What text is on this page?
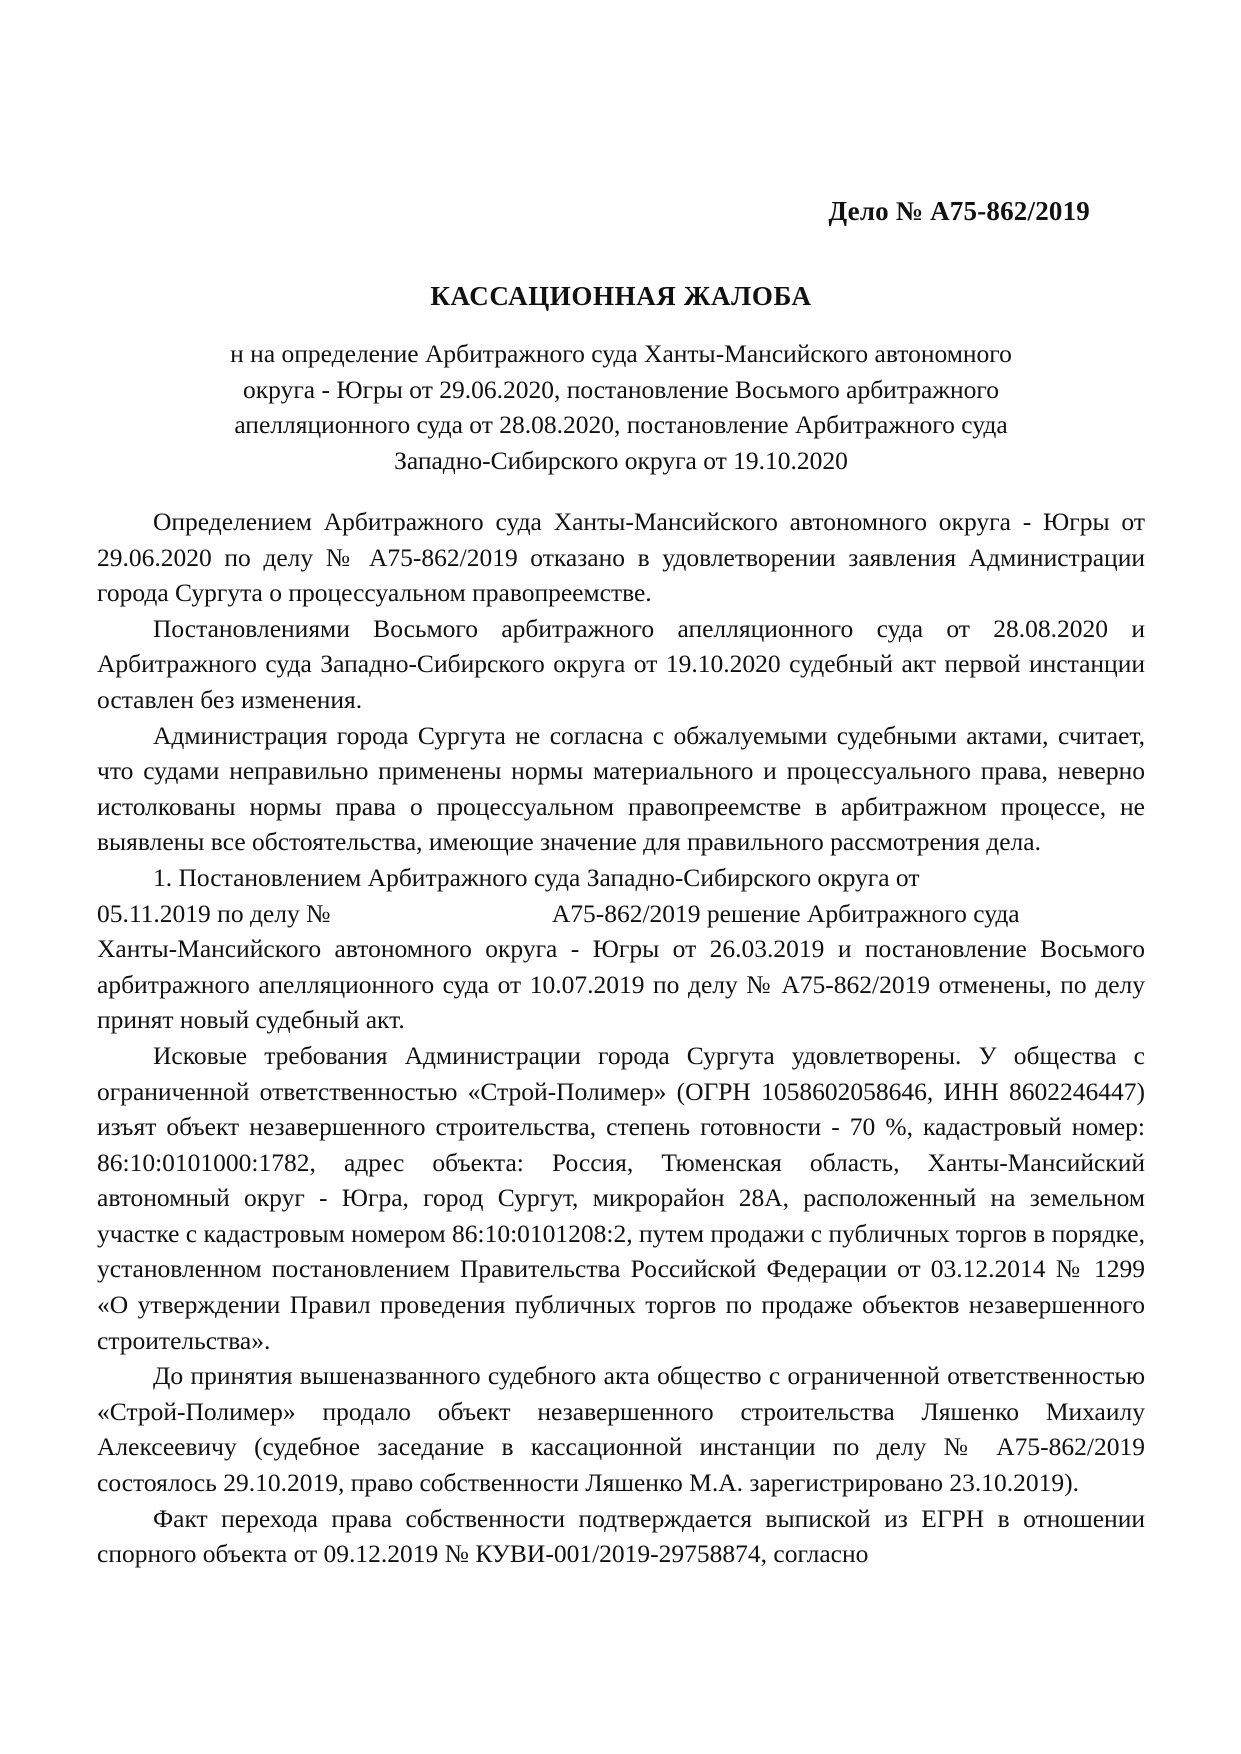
Дело № А75-862/2019
КАССАЦИОННАЯ ЖАЛОБА
н на определение Арбитражного суда Ханты-Мансийского автономного
округа - Югры от 29.06.2020, постановление Восьмого арбитражного
апелляционного суда от 28.08.2020, постановление Арбитражного суда
Западно-Сибирского округа от 19.10.2020

Определением Арбитражного суда Ханты-Мансийского автономного округа - Югры от 29.06.2020 по делу № А75-862/2019 отказано в удовлетворении заявления Администрации города Сургута о процессуальном правопреемстве.

Постановлениями Восьмого арбитражного апелляционного суда от 28.08.2020 и Арбитражного суда Западно-Сибирского округа от 19.10.2020 судебный акт первой инстанции оставлен без изменения.

Администрация города Сургута не согласна с обжалуемыми судебными актами, считает, что судами неправильно применены нормы материального и процессуального права, неверно истолкованы нормы права о процессуальном правопреемстве в арбитражном процессе, не выявлены все обстоятельства, имеющие значение для правильного рассмотрения дела.

1. Постановлением Арбитражного суда Западно-Сибирского округа от

05.11.2019 по делу №	А75-862/2019 решение Арбитражного суда

Ханты-Мансийского автономного округа - Югры от 26.03.2019 и постановление Восьмого арбитражного апелляционного суда от 10.07.2019 по делу № А75-862/2019 отменены, по делу принят новый судебный акт.

Исковые требования Администрации города Сургута удовлетворены. У общества с ограниченной ответственностью «Строй-Полимер» (ОГРН 1058602058646, ИНН 8602246447) изъят объект незавершенного строительства, степень готовности - 70 %, кадастровый номер: 86:10:0101000:1782, адрес объекта: Россия, Тюменская область, Ханты-Мансийский автономный округ - Югра, город Сургут, микрорайон 28А, расположенный на земельном участке с кадастровым номером 86:10:0101208:2, путем продажи с публичных торгов в порядке, установленном постановлением Правительства Российской Федерации от 03.12.2014 № 1299 «О утверждении Правил проведения публичных торгов по продаже объектов незавершенного строительства».

До принятия вышеназванного судебного акта общество с ограниченной ответственностью «Строй-Полимер» продало объект незавершенного строительства Ляшенко Михаилу Алексеевичу (судебное заседание в кассационной инстанции по делу № А75-862/2019 состоялось 29.10.2019, право собственности Ляшенко М.А. зарегистрировано 23.10.2019).

Факт перехода права собственности подтверждается выпиской из ЕГРН в отношении спорного объекта от 09.12.2019 № КУВИ-001/2019-29758874, согласно
